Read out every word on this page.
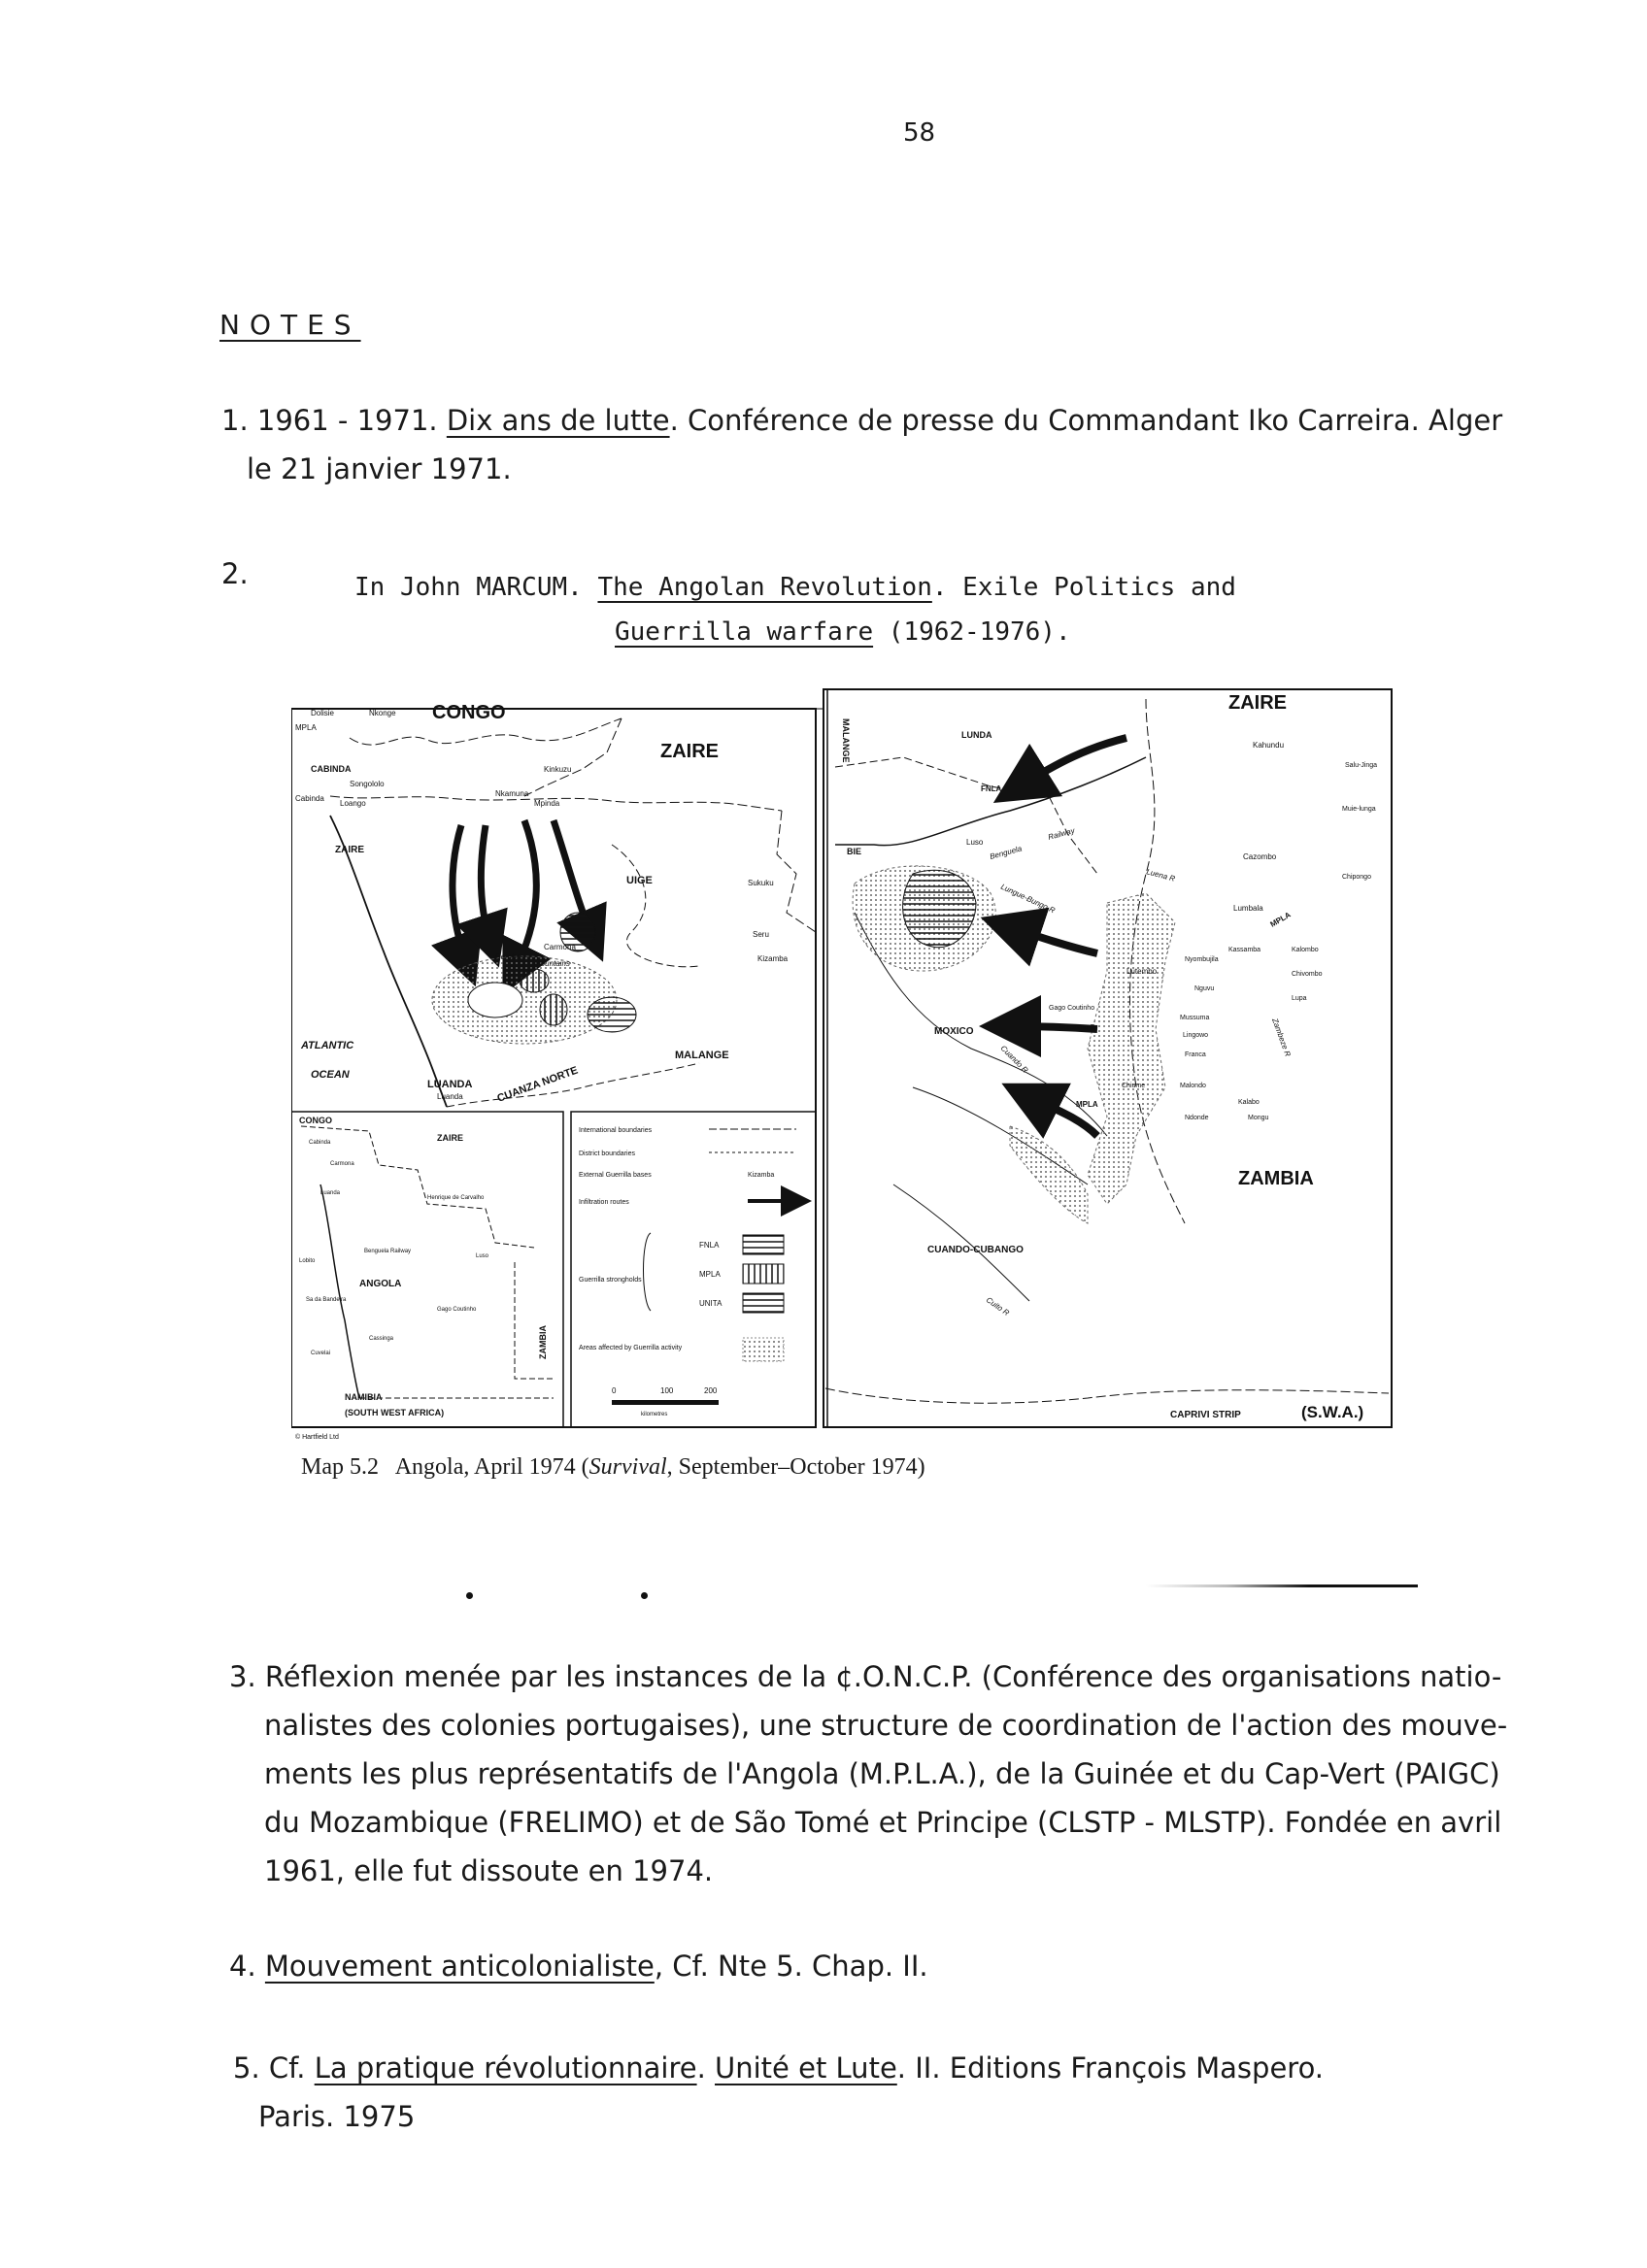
58
NOTES
1. 1961 - 1971. Dix ans de lutte. Conférence de presse du Commandant Iko Carreira. Alger
le 21 janvier 1971.
2.	In John MARCUM. The Angolan Revolution. Exile Politics and
Guerrilla warfare (1962-1976).
CONGO
ZAIRE
Dolisie	Nkonge
MPLA
CABINDA
Cabinda
Songololo
Loango
Nkamuna
Kinkuzu
Mpinda
ZAIRE
UIGE	Sukuku
Seru
Kizamba
Dembos
Carmona
Mountains
ATLANTIC
OCEAN
MALANGE
LUANDA
Luanda	CUANZA NORTE
CONGO
ZAIRE
Cabinda
Carmona
Luanda
Henrique de Carvalho
Benguela Railway
Lobito
Luso
ANGOLA
Sa da Bandeira
Gago Coutinho
Cassinga
Cuvelai	ZAMBIA
NAMIBIA
(SOUTH WEST AFRICA)
International boundaries
District boundaries
External Guerrilla bases	Kizamba
Infiltration routes
Guerrilla strongholds
FNLA
MPLA
UNITA
Areas affected by Guerrilla activity
0	100	200
kilometres
ZAIRE
LUNDA
MALANGE
BIE
FNLA
Luso
Benguela
Railway
Kahundu
Salu-Jinga
Muie-lunga
Cazombo
Chipongo
Luena R
Lungue-Bungo R	Lumbala
MPLA
Kassamba	Kalombo
Lutembo
Nyombujila
Chivombo
Nguvu
Lupa
MOXICO
Gago Coutinho
Mussuma
Mussuma R
Lingowo
Franca
Cuando R
Zambeze R
Chiume	Malondo
Kalabo
Ndonde	Mongu
MPLA
ZAMBIA
CUANDO-CUBANGO
Cuito R
CAPRIVI STRIP	(S.W.A.)
© Hartfield Ltd
Map 5.2 Angola, April 1974 (Survival, September–October 1974)
3. Réflexion menée par les instances de la ¢.O.N.C.P. (Conférence des organisations natio-
nalistes des colonies portugaises), une structure de coordination de l'action des mouve-
ments les plus représentatifs de l'Angola (M.P.L.A.), de la Guinée et du Cap-Vert (PAIGC)
du Mozambique (FRELIMO) et de São Tomé et Principe (CLSTP - MLSTP). Fondée en avril
1961, elle fut dissoute en 1974.
4. Mouvement anticolonialiste, Cf. Nte 5. Chap. II.
5. Cf. La pratique révolutionnaire. Unité et Lute. II. Editions François Maspero.
Paris. 1975
